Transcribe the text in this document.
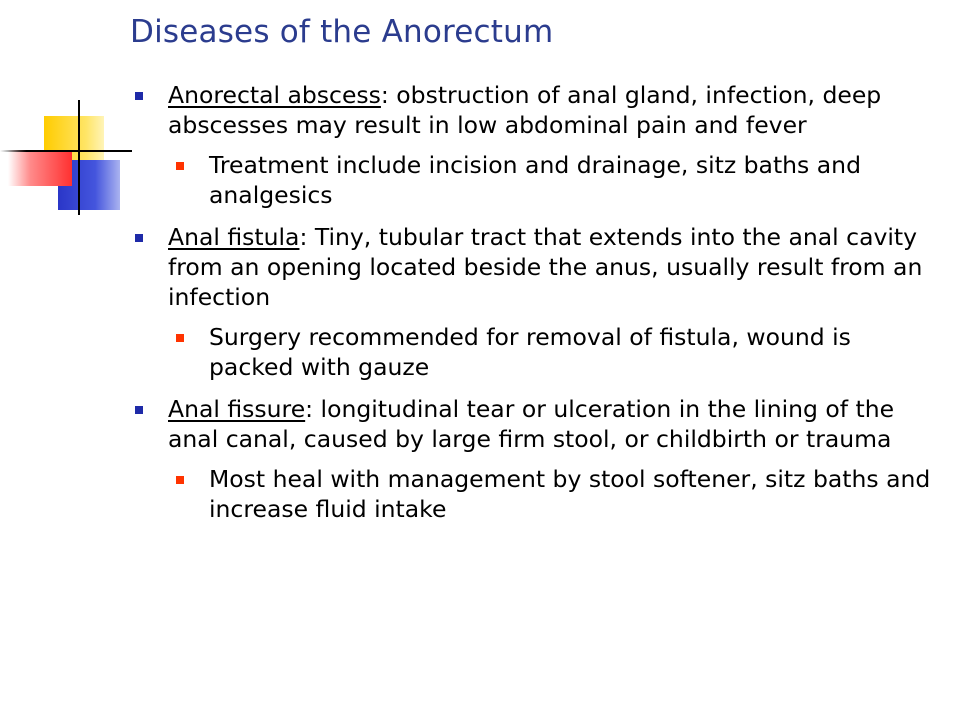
Diseases of the Anorectum
Anorectal abscess: obstruction of anal gland, infection, deep abscesses may result in low abdominal pain and fever
Treatment include incision and drainage, sitz baths and analgesics
Anal fistula: Tiny, tubular tract that extends into the anal cavity from an opening located beside the anus, usually result from an infection
Surgery recommended for removal of fistula, wound is packed with gauze
Anal fissure: longitudinal tear or ulceration in the lining of the anal canal, caused by large firm stool, or childbirth or trauma
Most heal with management by stool softener, sitz baths and increase fluid intake
